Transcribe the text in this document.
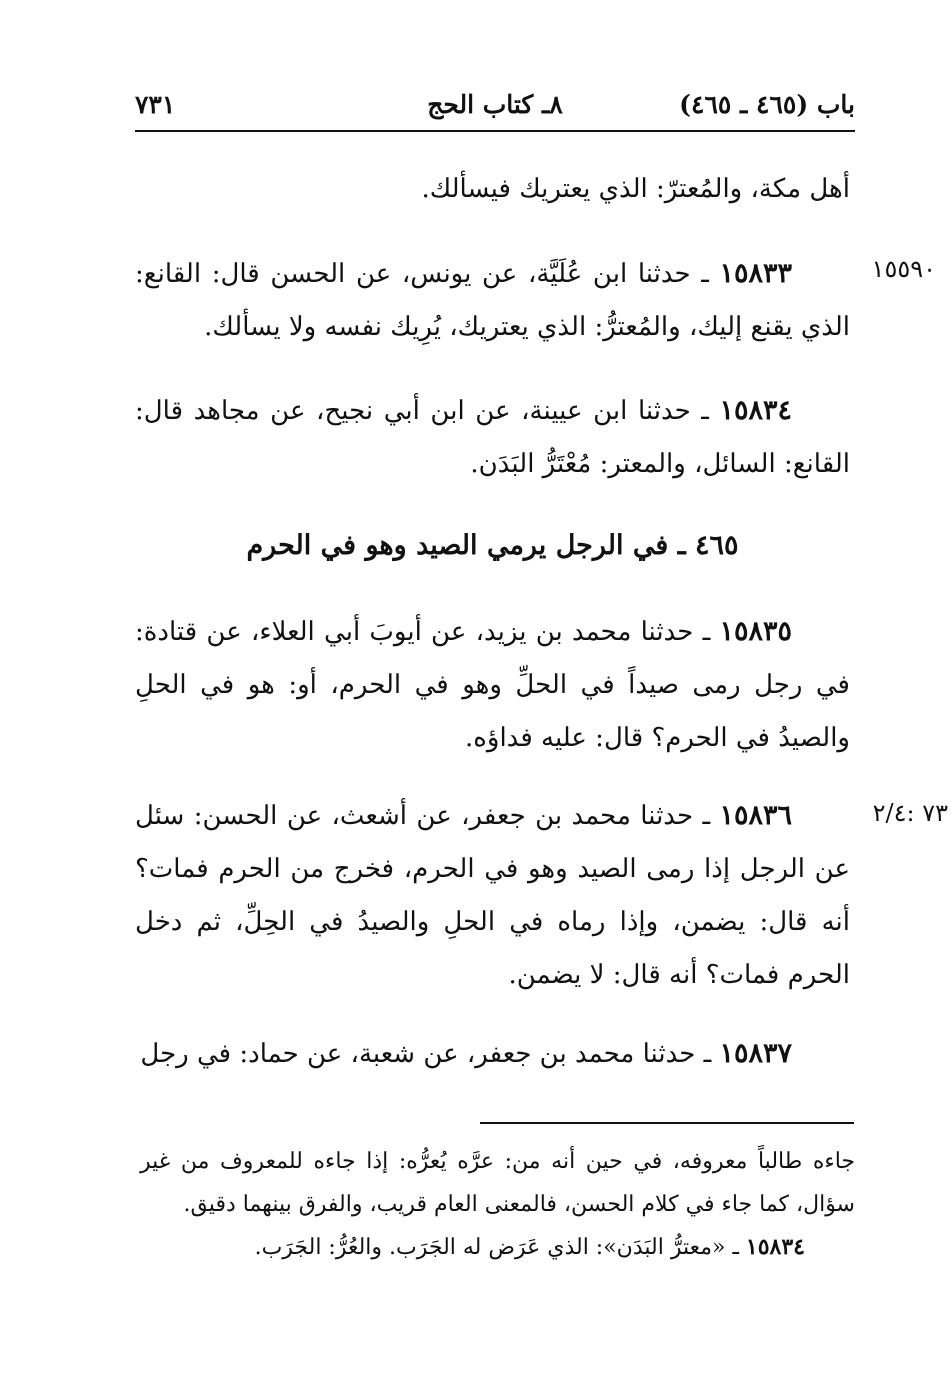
باب (٤٦٥ ـ ٤٦٥)
٨ـ كتاب الحج
٧٣١
أهل مكة، والمُعترّ: الذي يعتريك فيسألك.
١٥٥٩٠
١٥٨٣٣ ـ حدثنا ابن عُلَيَّة، عن يونس، عن الحسن قال: القانع: الذي يقنع إليك، والمُعترُّ: الذي يعتريك، يُرِيك نفسه ولا يسألك.
١٥٨٣٤ ـ حدثنا ابن عيينة، عن ابن أبي نجيح، عن مجاهد قال: القانع: السائل، والمعتر: مُعْتَرُّ البَدَن.
٤٦٥ ـ في الرجل يرمي الصيد وهو في الحرم
١٥٨٣٥ ـ حدثنا محمد بن يزيد، عن أيوبَ أبي العلاء، عن قتادة: في رجل رمى صيداً في الحلِّ وهو في الحرم، أو: هو في الحلِ والصيدُ في الحرم؟ قال: عليه فداؤه.
٧٣ :٢/٤
١٥٨٣٦ ـ حدثنا محمد بن جعفر، عن أشعث، عن الحسن: سئل عن الرجل إذا رمى الصيد وهو في الحرم، فخرج من الحرم فمات؟ أنه قال: يضمن، وإذا رماه في الحلِ والصيدُ في الحِلِّ، ثم دخل الحرم فمات؟ أنه قال: لا يضمن.
١٥٨٣٧ ـ حدثنا محمد بن جعفر، عن شعبة، عن حماد: في رجل
جاءه طالباً معروفه، في حين أنه من: عرَّه يُعرُّه: إذا جاءه للمعروف من غير سؤال، كما جاء في كلام الحسن، فالمعنى العام قريب، والفرق بينهما دقيق.
١٥٨٣٤ ـ «معترُّ البَدَن»: الذي عَرَض له الجَرَب. والعُرُّ: الجَرَب.
